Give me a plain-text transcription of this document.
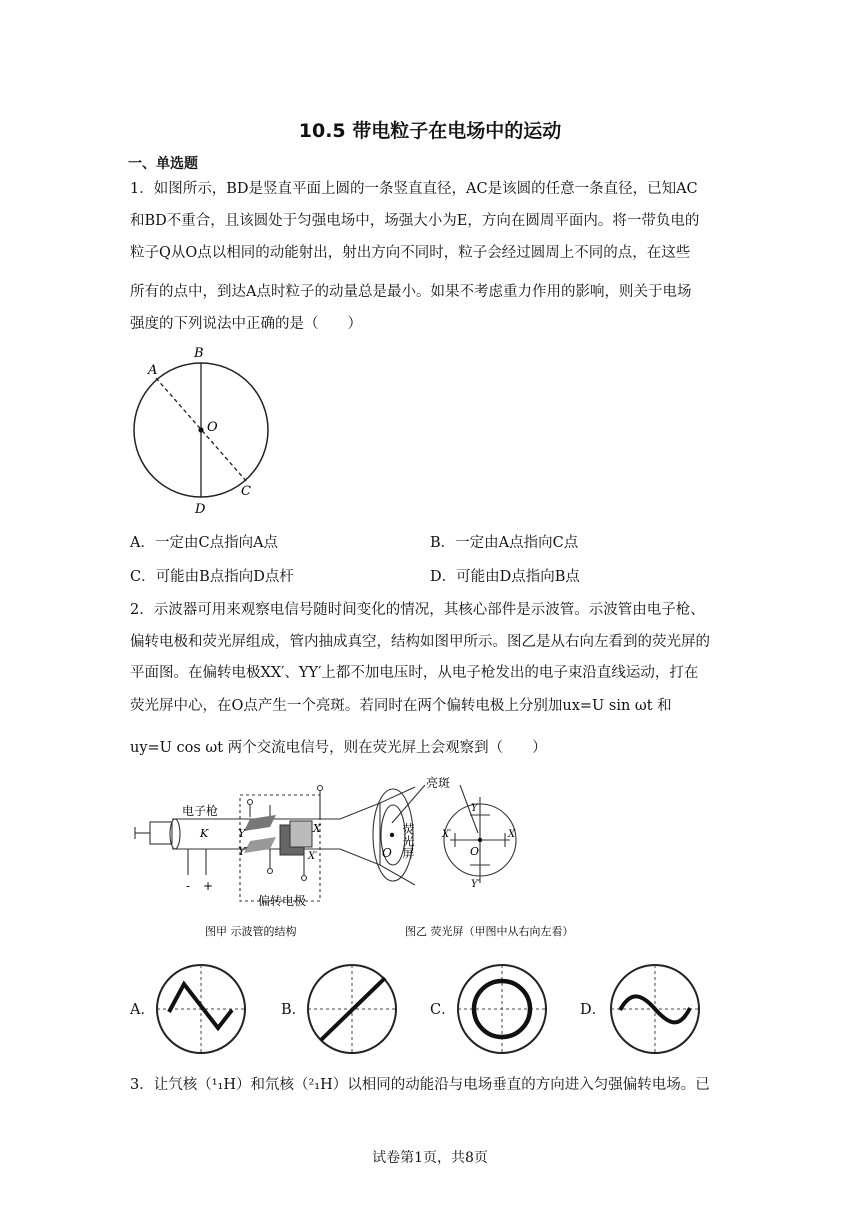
10.5 带电粒子在电场中的运动
一、单选题
1．如图所示，BD是竖直平面上圆的一条竖直直径，AC是该圆的任意一条直径，已知AC
和BD不重合，且该圆处于匀强电场中，场强大小为E，方向在圆周平面内。将一带负电的
粒子Q从O点以相同的动能射出，射出方向不同时，粒子会经过圆周上不同的点，在这些
所有的点中，到达A点时粒子的动量总是最小。如果不考虑重力作用的影响，则关于电场
强度的下列说法中正确的是（　　）
A
B
C
D
O
A．一定由C点指向A点	B．一定由A点指向C点
C．可能由B点指向D点杆	D．可能由D点指向B点
2．示波器可用来观察电信号随时间变化的情况，其核心部件是示波管。示波管由电子枪、
偏转电极和荧光屏组成，管内抽成真空，结构如图甲所示。图乙是从右向左看到的荧光屏的
平面图。在偏转电极XX′、YY′上都不加电压时，从电子枪发出的电子束沿直线运动，打在
荧光屏中心，在O点产生一个亮斑。若同时在两个偏转电极上分别加ux=U sin ωt 和
uy=U cos ωt 两个交流电信号，则在荧光屏上会观察到（　　）
电子枪
K
- +
Y
Y′
X
X′
偏转电极
O 荧光屏
亮斑
Y
Y′
X′	X
O
图甲 示波管的结构	图乙 荧光屏（甲图中从右向左看）
A．	B．	C．	D．
3．让氕核（¹₁H）和氘核（²₁H）以相同的动能沿与电场垂直的方向进入匀强偏转电场。已
试卷第1页，共8页
